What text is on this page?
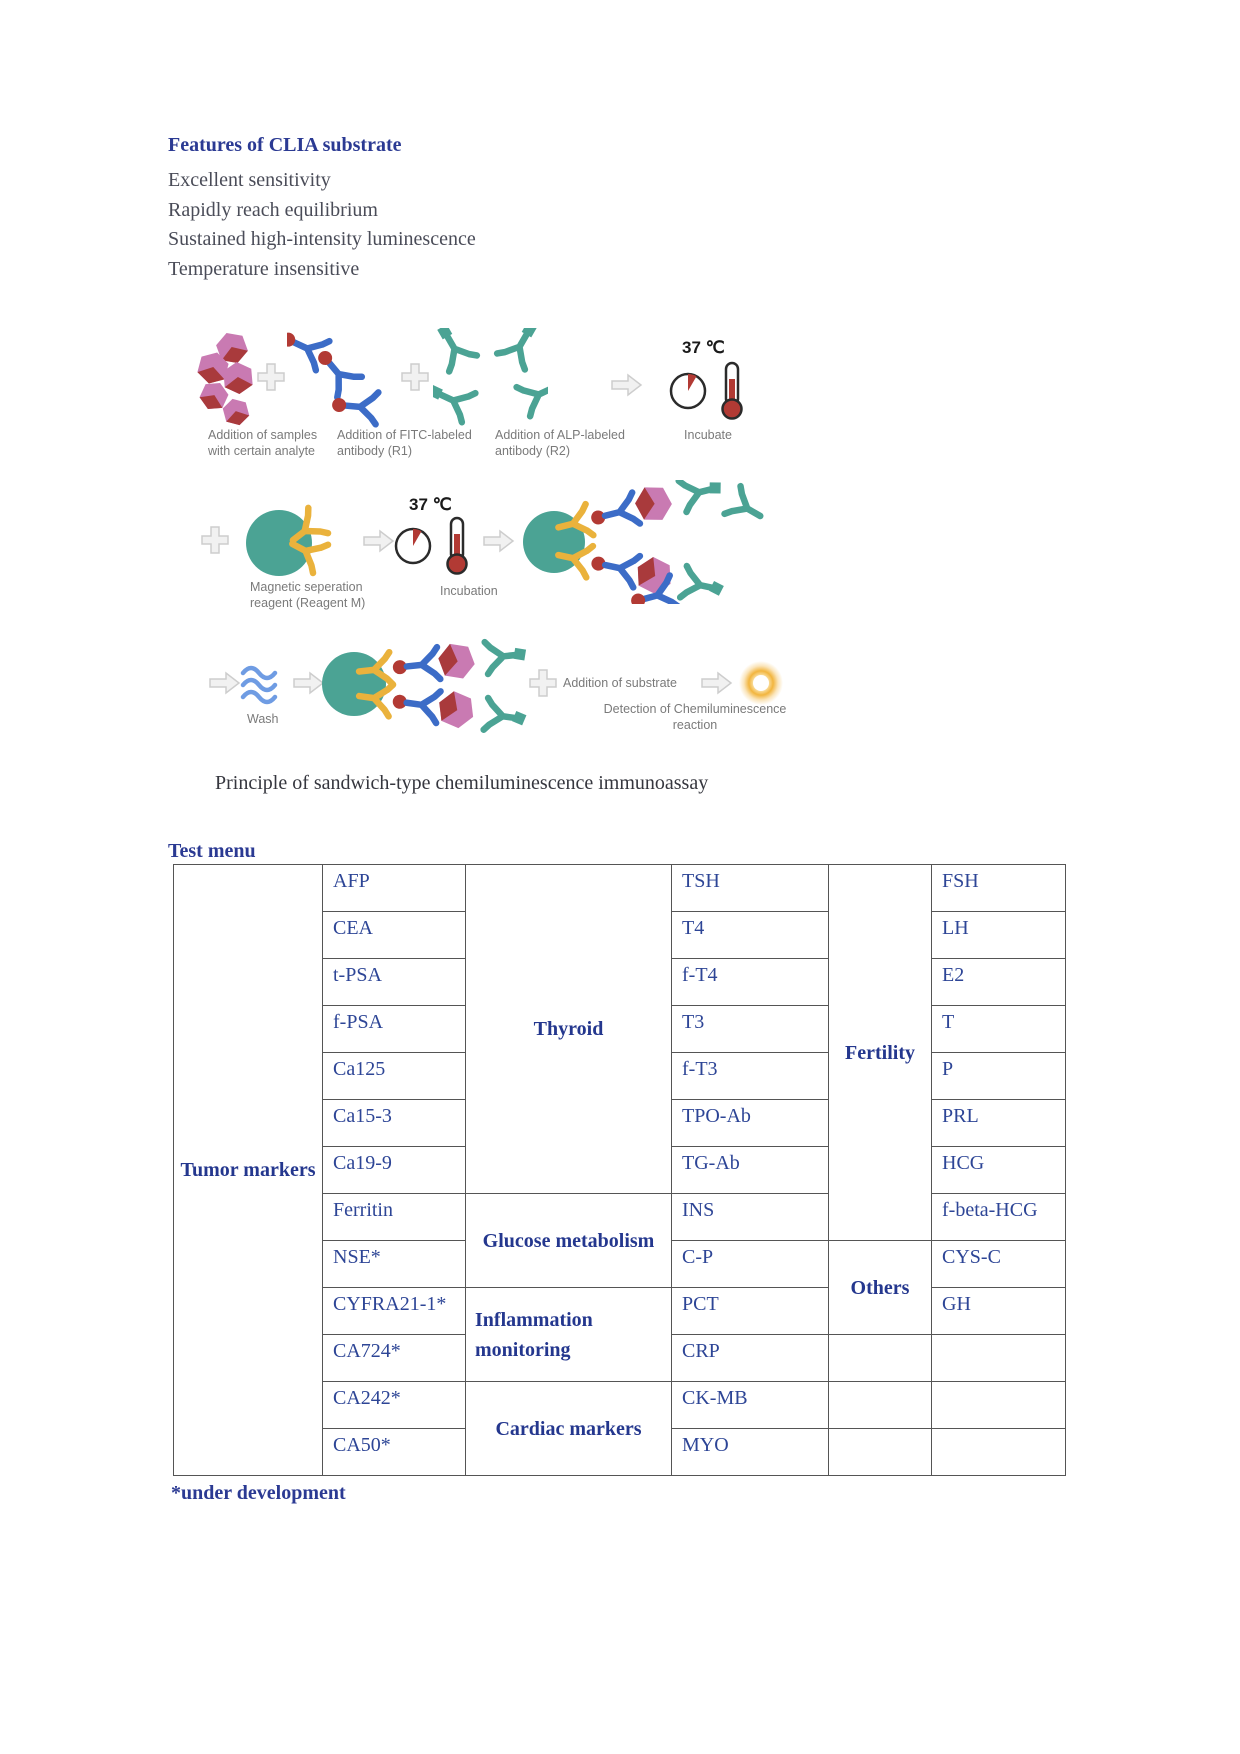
Features of CLIA substrate

Excellent sensitivity

Rapidly reach equilibrium

Sustained high-intensity luminescence

Temperature insensitive

37 ℃
Addition of samples with certain analyte
Addition of FITC-labeled antibody (R1)
Addition of ALP-labeled antibody (R2)
Incubate
37 ℃
Magnetic seperation reagent (Reagent M)
Incubation
Addition of substrate
Wash
Detection of Chemiluminescence reaction
Principle of sandwich-type chemiluminescence immunoassay

Test menu

Tumor markers	AFP	Thyroid	TSH	Fertility	FSH
	CEA		T4		LH
	t-PSA		f-T4		E2
	f-PSA		T3		T
	Ca125		f-T3		P
	Ca15-3		TPO-Ab		PRL
	Ca19-9		TG-Ab		HCG
	Ferritin	Glucose metabolism	INS		f-beta-HCG
	NSE*		C-P	Others	CYS-C
	CYFRA21-1*	Inflammation monitoring	PCT		GH
	CA724*		CRP		
	CA242*	Cardiac markers	CK-MB		
	CA50*		MYO		
*under development
